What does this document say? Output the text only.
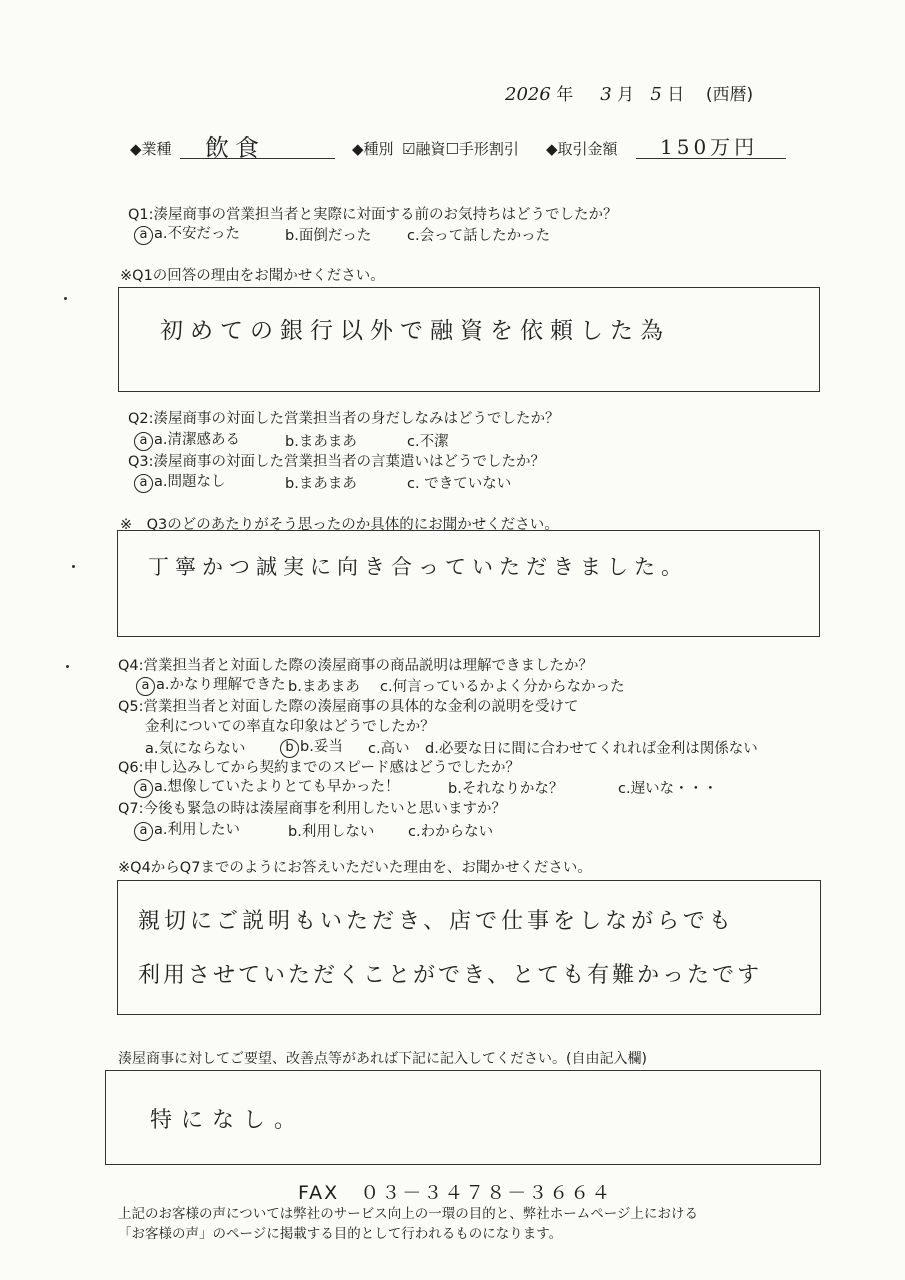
2026 年 3 月 5 日 (西暦)
◆業種 飲食	◆種別 ☑融資☐手形割引 ◆取引金額 150万円
Q1:湊屋商事の営業担当者と実際に対面する前のお気持ちはどうでしたか？
a a.不安だった	b.面倒だった c.会って話したかった
※Q1の回答の理由をお聞かせください。
初めての銀行以外で融資を依頼した為
Q2:湊屋商事の対面した営業担当者の身だしなみはどうでしたか？
a a.清潔感ある	b.まあまあ	c.不潔
Q3:湊屋商事の対面した営業担当者の言葉遣いはどうでしたか？
a a.問題なし	b.まあまあ	c. できていない
※　Q3のどのあたりがそう思ったのか具体的にお聞かせください。
丁寧かつ誠実に向き合っていただきました。
Q4:営業担当者と対面した際の湊屋商事の商品説明は理解できましたか？
a a.かなり理解できた b.まあまあ c.何言っているかよく分からなかった
Q5:営業担当者と対面した際の湊屋商事の具体的な金利の説明を受けて
金利についての率直な印象はどうでしたか？
a.気にならない	b b.妥当 c.高い d.必要な日に間に合わせてくれれば金利は関係ない
Q6:申し込みしてから契約までのスピード感はどうでしたか？
a a.想像していたよりとても早かった！	b.それなりかな？	c.遅いな・・・
Q7:今後も緊急の時は湊屋商事を利用したいと思いますか？
a a.利用したい	b.利用しない c.わからない
※Q4からQ7までのようにお答えいただいた理由を、お聞かせください。
親切にご説明もいただき、店で仕事をしながらでも
利用させていただくことができ、とても有難かったです
湊屋商事に対してご要望、改善点等があれば下記に記入してください。(自由記入欄)
特になし。
FAX　０３－３４７８－３６６４
上記のお客様の声については弊社のサービス向上の一環の目的と、弊社ホームページ上における
「お客様の声」のページに掲載する目的として行われるものになります。
